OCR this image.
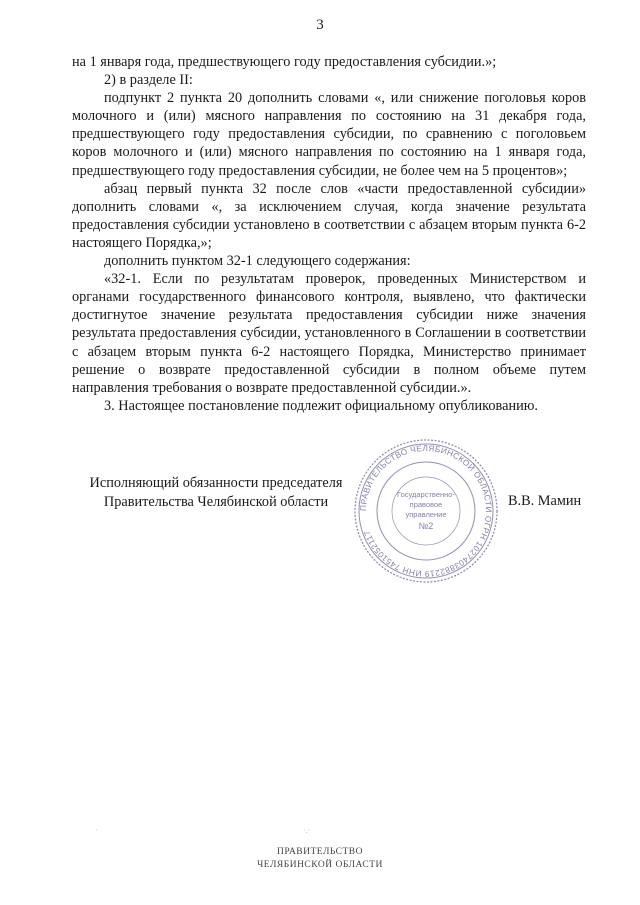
3

на 1 января года, предшествующего году предоставления субсидии.»;

2) в разделе II:

подпункт 2 пункта 20 дополнить словами «, или снижение поголовья коров молочного и (или) мясного направления по состоянию на 31 декабря года, предшествующего году предоставления субсидии, по сравнению с поголовьем коров молочного и (или) мясного направления по состоянию на 1 января года, предшествующего году предоставления субсидии, не более чем на 5 процентов»;

абзац первый пункта 32 после слов «части предоставленной субсидии» дополнить словами «, за исключением случая, когда значение результата предоставления субсидии установлено в соответствии с абзацем вторым пункта 6-2 настоящего Порядка,»;

дополнить пунктом 32-1 следующего содержания:

«32-1. Если по результатам проверок, проведенных Министерством и органами государственного финансового контроля, выявлено, что фактически достигнутое значение результата предоставления субсидии ниже значения результата предоставления субсидии, установленного в Соглашении в соответствии с абзацем вторым пункта 6-2 настоящего Порядка, Министерство принимает решение о возврате предоставленной субсидии в полном объеме путем направления требования о возврате предоставленной субсидии.».

3. Настоящее постановление подлежит официальному опубликованию.

Исполняющий обязанности председателя
Правительства Челябинской области	В.В. Мамин
ПРАВИТЕЛЬСТВО ЧЕЛЯБИНСКОЙ ОБЛАСТИ ОГРН 1027403882219 ИНН 7451052117
Государственно-
правовое
управление
№2
ПРАВИТЕЛЬСТВО
ЧЕЛЯБИНСКОЙ ОБЛАСТИ
·	·.·
